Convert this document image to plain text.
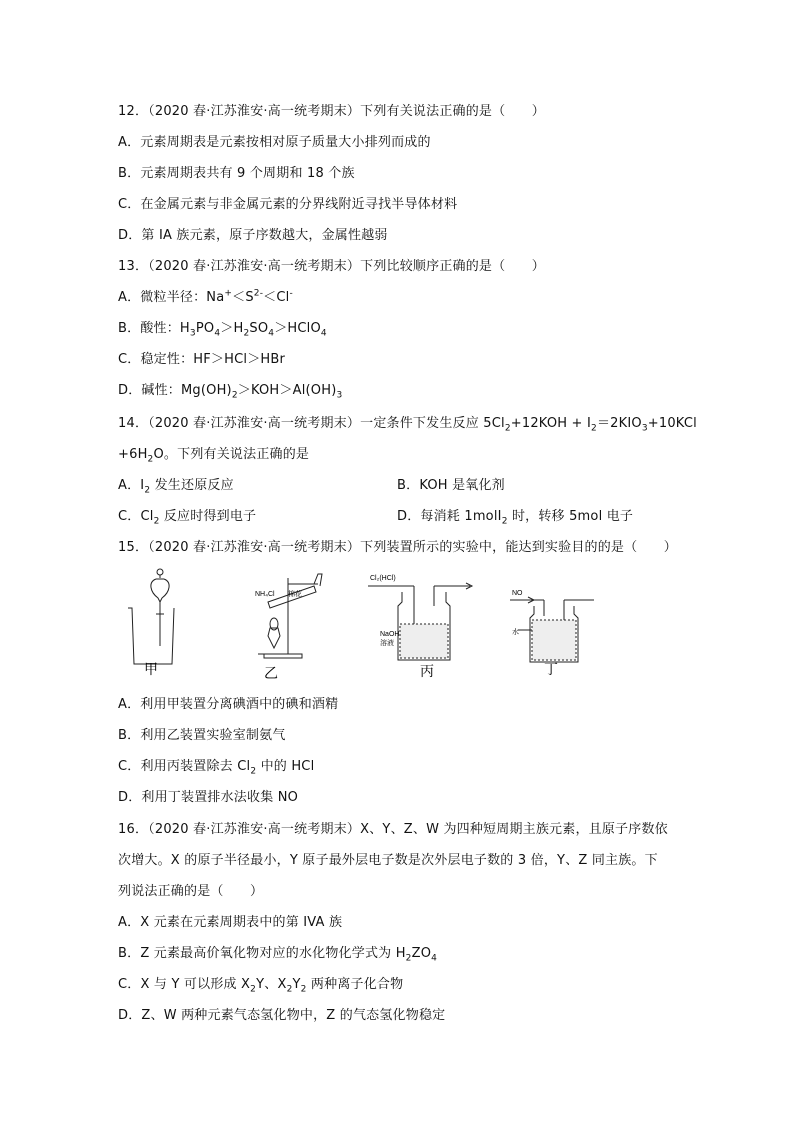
12．（2020 春·江苏淮安·高一统考期末）下列有关说法正确的是（　　）
A．元素周期表是元素按相对原子质量大小排列而成的
B．元素周期表共有 9 个周期和 18 个族
C．在金属元素与非金属元素的分界线附近寻找半导体材料
D．第 IA 族元素，原子序数越大，金属性越弱
13．（2020 春·江苏淮安·高一统考期末）下列比较顺序正确的是（　　）
A．微粒半径：$Na^+<S^{2-}<Cl^-$
B．酸性：$H_3PO_4>H_2SO_4>HClO_4$
C．稳定性：HF＞HCl＞HBr
D．碱性：$Mg(OH)_2>KOH>Al(OH)_3$
14．（2020 春·江苏淮安·高一统考期末）一定条件下发生反应 $5Cl_2+12KOH + I_2=2KIO_3+10KCl$
$+6H_2O$。下列有关说法正确的是
A．$I_2$ 发生还原反应	B．KOH 是氧化剂
C．$Cl_2$ 反应时得到电子	D．每消耗 1molI$_2$ 时，转移 5mol 电子
15．（2020 春·江苏淮安·高一统考期末）下列装置所示的实验中，能达到实验目的的是（　　）
甲
NH₄Cl 棉花
乙
Cl₂(HCl)
NaOH
溶液
丙
NO
水
丁
A．利用甲装置分离碘酒中的碘和酒精
B．利用乙装置实验室制氨气
C．利用丙装置除去 $Cl_2$ 中的 HCl
D．利用丁装置排水法收集 NO
16．（2020 春·江苏淮安·高一统考期末）X、Y、Z、W 为四种短周期主族元素，且原子序数依
次增大。X 的原子半径最小，Y 原子最外层电子数是次外层电子数的 3 倍，Y、Z 同主族。下
列说法正确的是（　　）
A．X 元素在元素周期表中的第 IVA 族
B．Z 元素最高价氧化物对应的水化物化学式为 $H_2ZO_4$
C．X 与 Y 可以形成 $X_2Y$、$X_2Y_2$ 两种离子化合物
D．Z、W 两种元素气态氢化物中，Z 的气态氢化物稳定
